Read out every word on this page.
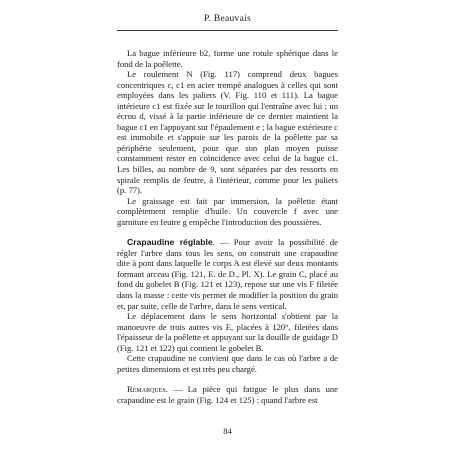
P. Beauvais

La bague inférieure b2, forme une rotule sphérique dans le fond de la poêlette.

Le roulement N (Fig. 117) comprend deux bagues concentriques c, c1 en acier trempé analogues à celles qui sont employées dans les paliers (V. Fig. 110 et 111). La bague intérieure c1 est fixée sur le tourillon qui l'entraîne avec lui ; un écrou d, vissé à la partie inférieure de ce dernier maintient la bague c1 en l'appuyant sur l'épaulement e ; la bague extérieure c est immobile et s'appuie sur les parois de la poêlette par sa périphérie seulement, pour que son plan moyen puisse constamment rester en coïncidence avec celui de la bague c1. Les billes, au nombre de 9, sont séparées par des ressorts en spirale remplis de feutre, à l'intérieur, comme pour les paliers (p. 77).

Le graissage est fait par immersion, la poêlette étant complètement remplie d'huile. Un couvercle f avec une garniture en feutre g empêche l'introduction des poussières.

Crapaudine réglable. — Pour avoir la possibilité de régler l'arbre dans tous les sens, on construit une crapaudine dite à pont dans laquelle le corps A est élevé sur deux montants formant arceau (Fig. 121, E. de D., Pl. X). Le grain C, placé au fond du gobelet B (Fig. 121 et 123), repose sur une vis F filetée dans la masse : cette vis permet de modifier la position du grain et, par suite, celle de l'arbre, dans le sens vertical.

Le déplacement dans le sens horizontal s'obtient par la manoeuvre de trois autres vis E, placées à 120°, filetées dans l'épaisseur de la poêlette et appuyant sur la douille de guidage D (Fig. 121 et 122) qui contient le gobelet B.

Cette crapaudine ne convient que dans le cas où l'arbre a de petites dimensions et est très peu chargé.

Remarques. — La pièce qui fatigue le plus dans une crapaudine est le grain (Fig. 124 et 125) : quand l'arbre est

84
